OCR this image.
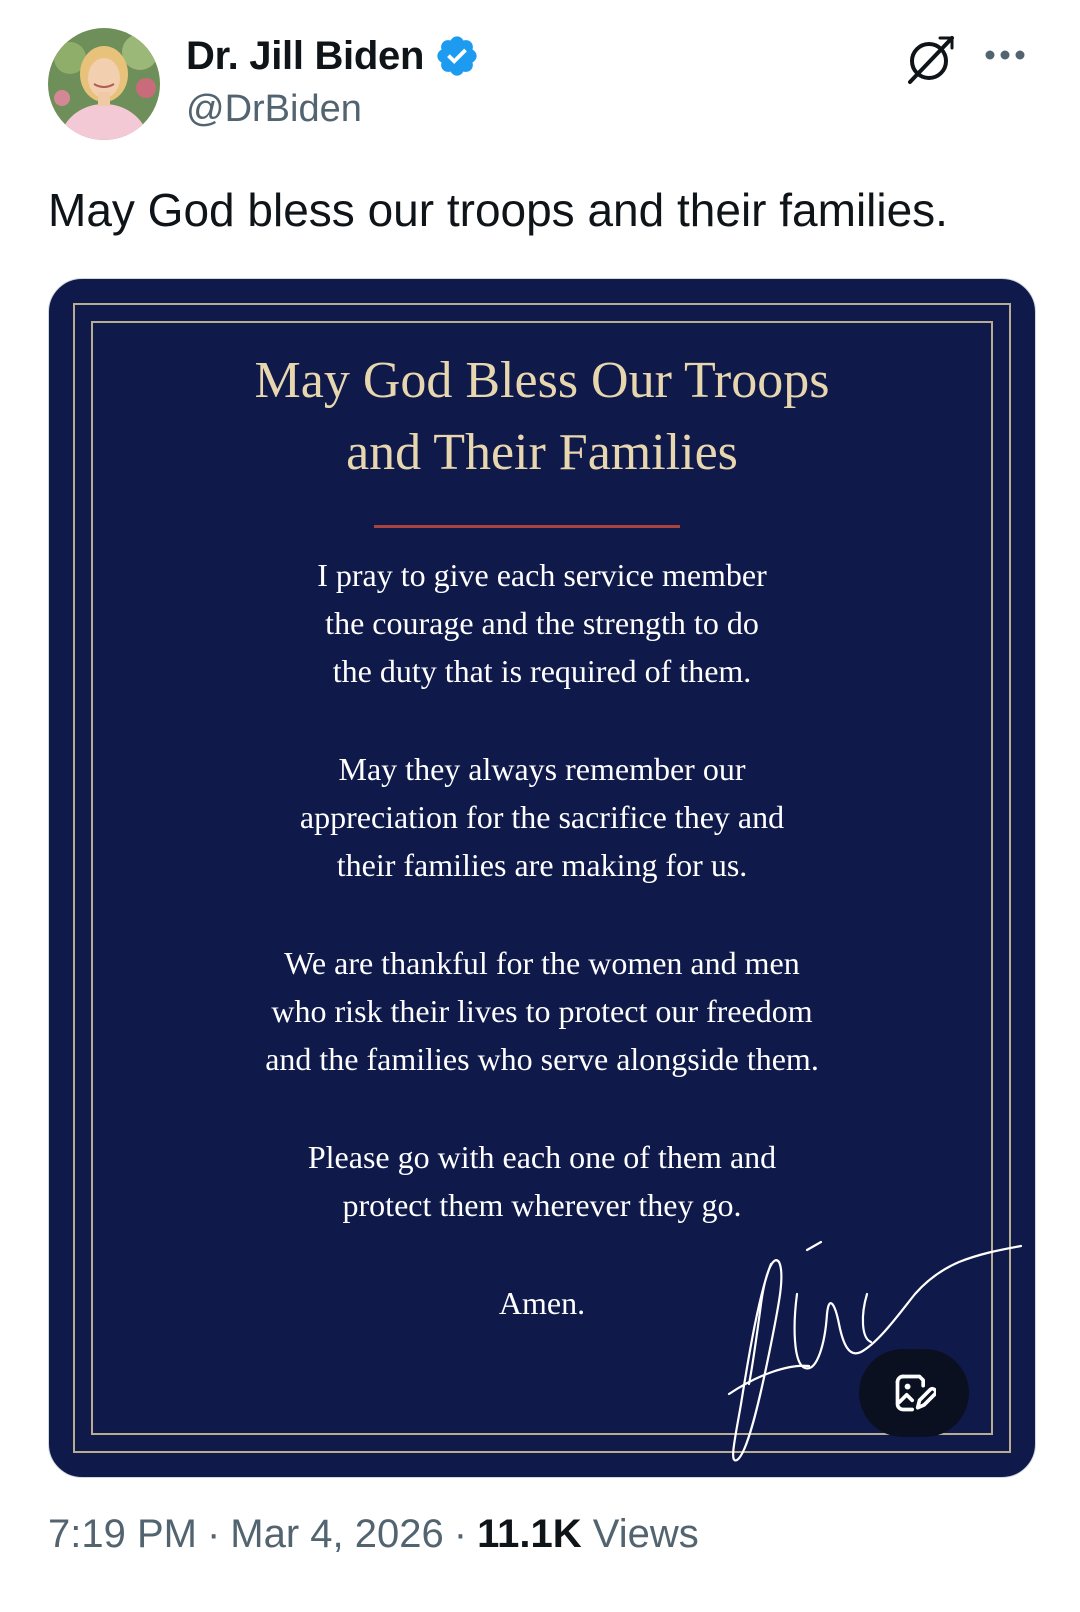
Dr. Jill Biden
@DrBiden
May God bless our troops and their families.
May God Bless Our Troops
and Their Families
I pray to give each service member
the courage and the strength to do
the duty that is required of them.
May they always remember our
appreciation for the sacrifice they and
their families are making for us.
We are thankful for the women and men
who risk their lives to protect our freedom
and the families who serve alongside them.
Please go with each one of them and
protect them wherever they go.
Amen.
7:19 PM · Mar 4, 2026 · 11.1K Views
